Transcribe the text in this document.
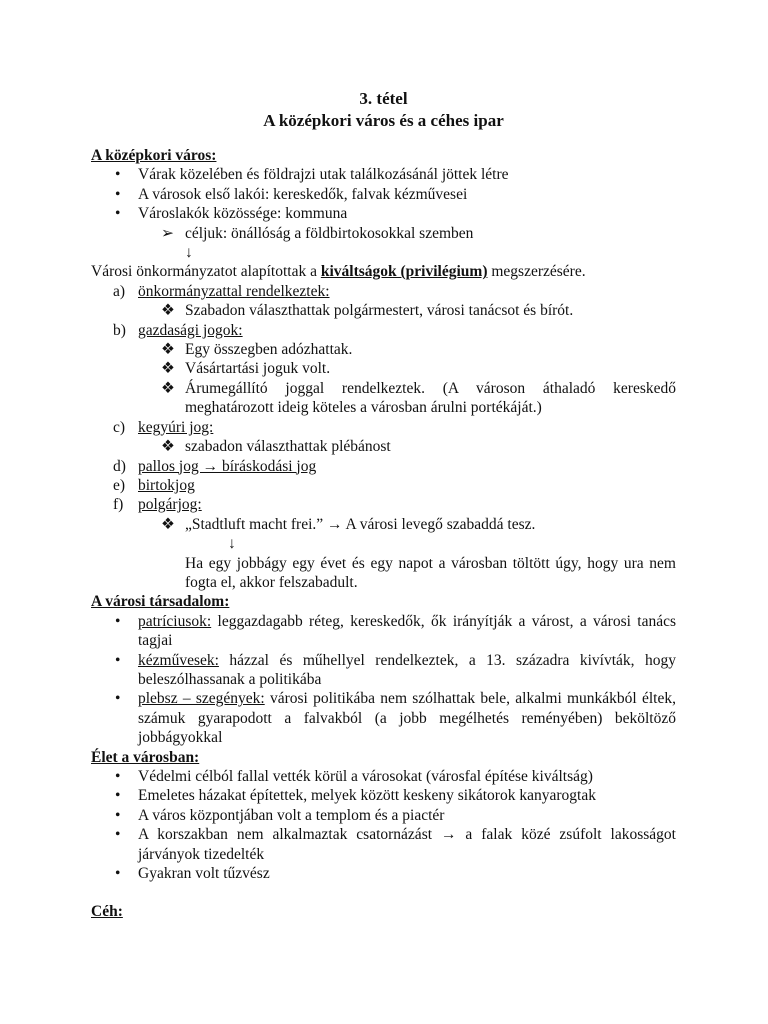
3. tétel
A középkori város és a céhes ipar
A középkori város:
• Várak közelében és földrajzi utak találkozásánál jöttek létre
• A városok első lakói: kereskedők, falvak kézművesei
• Városlakók közössége: kommuna
➢ céljuk: önállóság a földbirtokosokkal szemben
↓
Városi önkormányzatot alapítottak a kiváltságok (privilégium) megszerzésére.
a) önkormányzattal rendelkeztek:
❖ Szabadon választhattak polgármestert, városi tanácsot és bírót.
b) gazdasági jogok:
❖ Egy összegben adózhattak.
❖ Vásártartási joguk volt.
❖ Árumegállító joggal rendelkeztek. (A városon áthaladó kereskedő meghatározott ideig köteles a városban árulni portékáját.)
c) kegyúri jog:
❖ szabadon választhattak plébánost
d) pallos jog → bíráskodási jog
e) birtokjog
f) polgárjog:
❖ „Stadtluft macht frei.” → A városi levegő szabaddá tesz.
↓
Ha egy jobbágy egy évet és egy napot a városban töltött úgy, hogy ura nem fogta el, akkor felszabadult.
A városi társadalom:
• patríciusok: leggazdagabb réteg, kereskedők, ők irányítják a várost, a városi tanács tagjai
• kézművesek: házzal és műhellyel rendelkeztek, a 13. századra kivívták, hogy beleszólhassanak a politikába
• plebsz – szegények: városi politikába nem szólhattak bele, alkalmi munkákból éltek, számuk gyarapodott a falvakból (a jobb megélhetés reményében) beköltöző jobbágyokkal
Élet a városban:
• Védelmi célból fallal vették körül a városokat (városfal építése kiváltság)
• Emeletes házakat építettek, melyek között keskeny sikátorok kanyarogtak
• A város központjában volt a templom és a piactér
• A korszakban nem alkalmaztak csatornázást → a falak közé zsúfolt lakosságot járványok tizedelték
• Gyakran volt tűzvész
Céh:
